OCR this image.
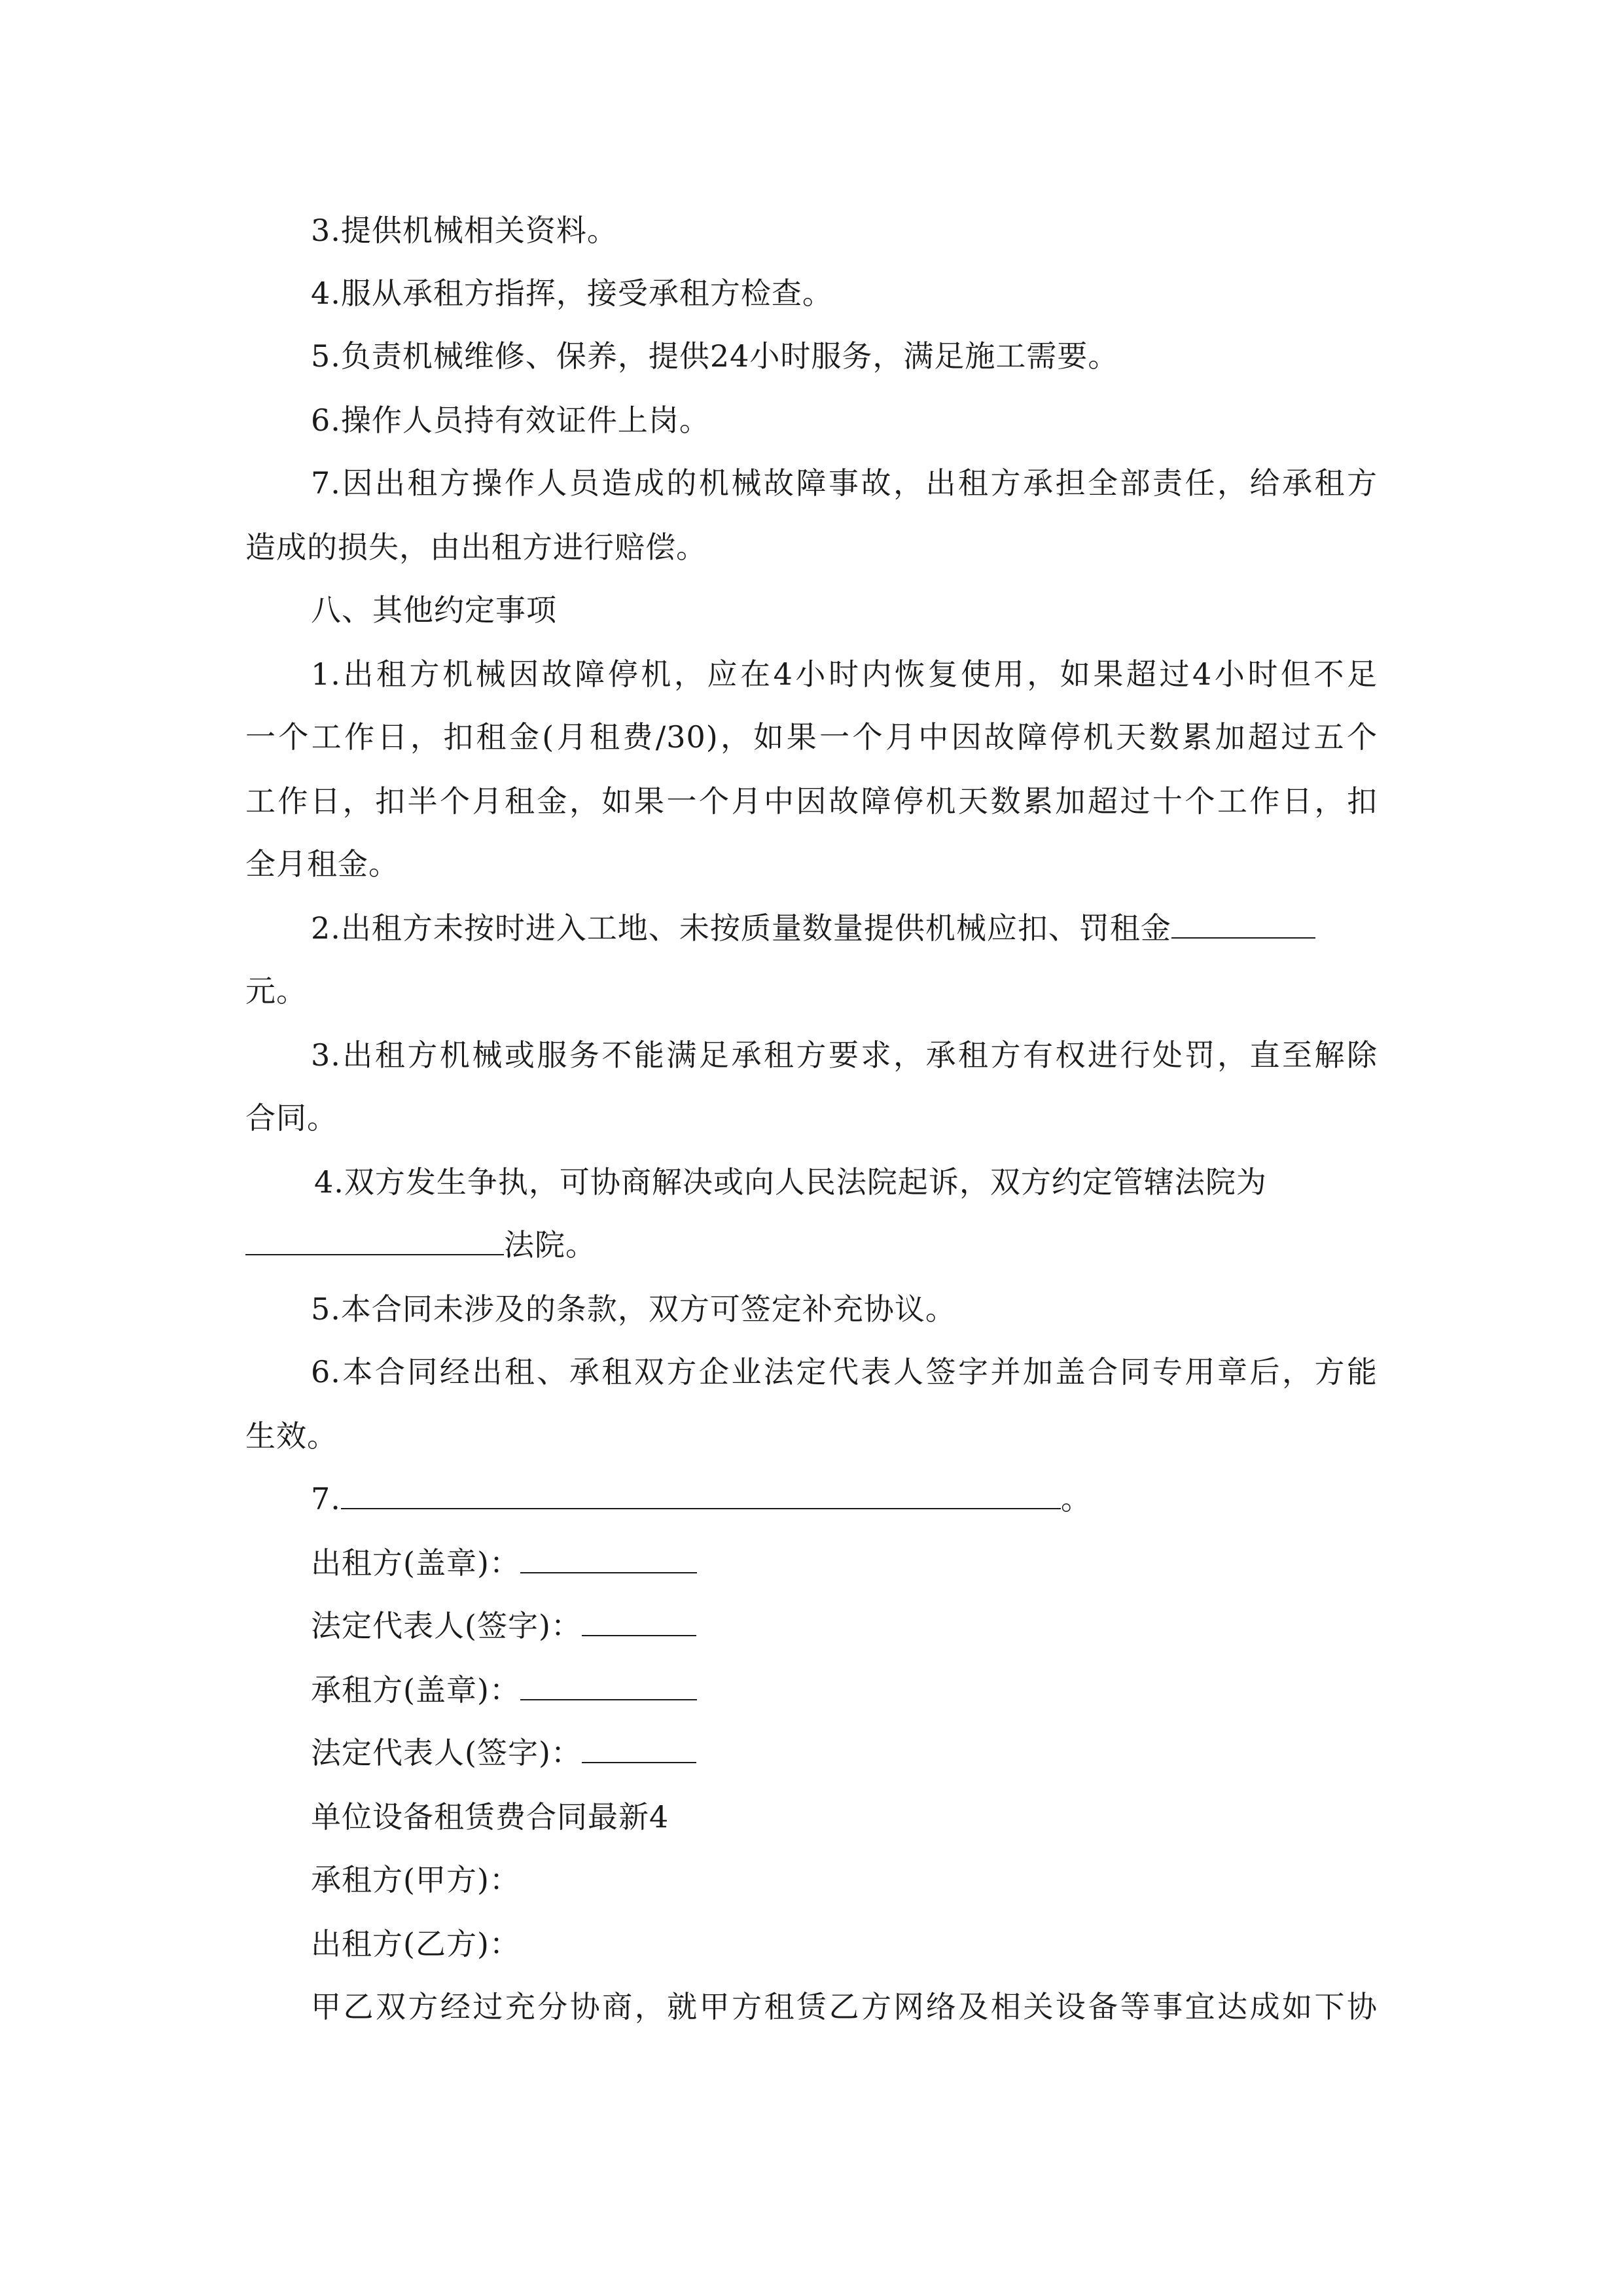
3.提供机械相关资料。
4.服从承租方指挥，接受承租方检查。
5.负责机械维修、保养，提供24小时服务，满足施工需要。
6.操作人员持有效证件上岗。
7.因出租方操作人员造成的机械故障事故，出租方承担全部责任，给承租方
造成的损失，由出租方进行赔偿。
八、其他约定事项
1.出租方机械因故障停机，应在4小时内恢复使用，如果超过4小时但不足
一个工作日，扣租金(月租费/30)，如果一个月中因故障停机天数累加超过五个
工作日，扣半个月租金，如果一个月中因故障停机天数累加超过十个工作日，扣
全月租金。
2.出租方未按时进入工地、未按质量数量提供机械应扣、罚租金
元。
3.出租方机械或服务不能满足承租方要求，承租方有权进行处罚，直至解除
合同。
4.双方发生争执，可协商解决或向人民法院起诉，双方约定管辖法院为
法院。
5.本合同未涉及的条款，双方可签定补充协议。
6.本合同经出租、承租双方企业法定代表人签字并加盖合同专用章后，方能
生效。
7.	。
出租方(盖章)：
法定代表人(签字)：
承租方(盖章)：
法定代表人(签字)：
单位设备租赁费合同最新4
承租方(甲方)：
出租方(乙方)：
甲乙双方经过充分协商，就甲方租赁乙方网络及相关设备等事宜达成如下协
